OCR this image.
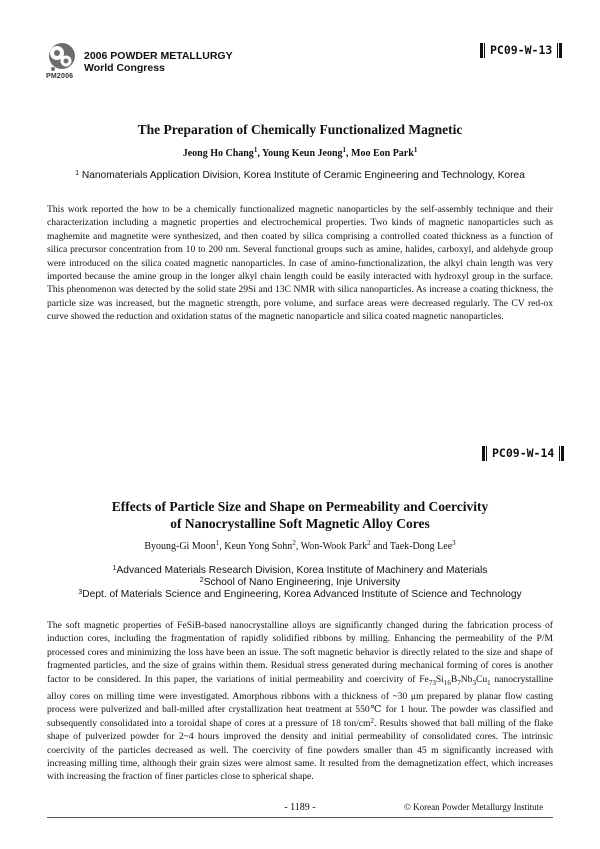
PM2006
2006 POWDER METALLURGY
World Congress
PC09-W-13
The Preparation of Chemically Functionalized Magnetic
Jeong Ho Chang$^1$, Young Keun Jeong$^1$, Moo Eon Park$^1$
$^1$ Nanomaterials Application Division, Korea Institute of Ceramic Engineering and Technology, Korea

This work reported the how to be a chemically functionalized magnetic nanoparticles by the self-assembly technique and their characterization including a magnetic properties and electrochemical properties. Two kinds of magnetic nanoparticles such as maghemite and magnetite were synthesized, and then coated by silica comprising a controlled coated thickness as a function of silica precursor concentration from 10 to 200 nm. Several functional groups such as amine, halides, carboxyl, and aldehyde group were introduced on the silica coated magnetic nanoparticles. In case of amino-functionalization, the alkyl chain length was very imported because the amine group in the longer alkyl chain length could be easily interacted with hydroxyl group in the surface. This phenomenon was detected by the solid state 29Si and 13C NMR with silica nanoparticles. As increase a coating thickness, the particle size was increased, but the magnetic strength, pore volume, and surface areas were decreased regularly. The CV red-ox curve showed the reduction and oxidation status of the magnetic nanoparticle and silica coated magnetic nanoparticles.

PC09-W-14
Effects of Particle Size and Shape on Permeability and Coercivity
of Nanocrystalline Soft Magnetic Alloy Cores
Byoung-Gi Moon$^1$, Keun Yong Sohn$^2$, Won-Wook Park$^2$ and Taek-Dong Lee$^3$
$^1$Advanced Materials Research Division, Korea Institute of Machinery and Materials
$^2$School of Nano Engineering, Inje University
$^3$Dept. of Materials Science and Engineering, Korea Advanced Institute of Science and Technology

The soft magnetic properties of FeSiB-based nanocrystalline alloys are significantly changed during the fabrication process of induction cores, including the fragmentation of rapidly solidified ribbons by milling. Enhancing the permeability of the P/M processed cores and minimizing the loss have been an issue. The soft magnetic behavior is directly related to the size and shape of fragmented particles, and the size of grains within them. Residual stress generated during mechanical forming of cores is another factor to be considered. In this paper, the variations of initial permeability and coercivity of $Fe_{73}Si_{16}B_7Nb_3Cu_1$ nanocrystalline alloy cores on milling time were investigated. Amorphous ribbons with a thickness of ~30 μm prepared by planar flow casting process were pulverized and ball-milled after crystallization heat treatment at 550℃ for 1 hour. The powder was classified and subsequently consolidated into a toroidal shape of cores at a pressure of 18 ton/$cm^2$. Results showed that ball milling of the flake shape of pulverized powder for 2~4 hours improved the density and initial permeability of consolidated cores. The intrinsic coercivity of the particles decreased as well. The coercivity of fine powders smaller than 45 m significantly increased with increasing milling time, although their grain sizes were almost same. It resulted from the demagnetization effect, which increases with increasing the fraction of finer particles close to spherical shape.

- 1189 -	© Korean Powder Metallurgy Institute
